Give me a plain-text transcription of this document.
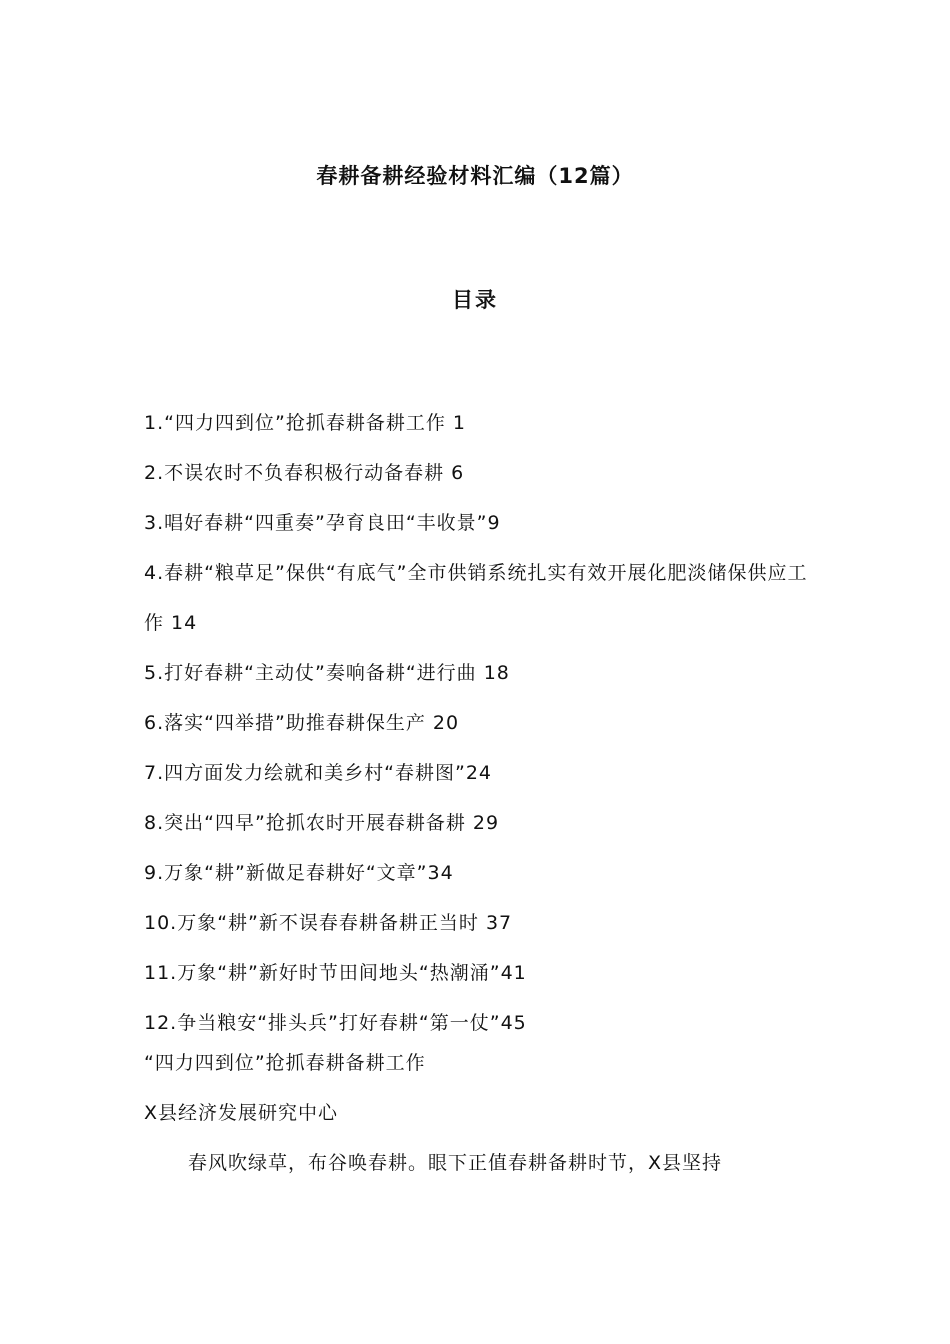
春耕备耕经验材料汇编（12篇）
目录
1.“四力四到位”抢抓春耕备耕工作 1
2.不误农时不负春积极行动备春耕 6
3.唱好春耕“四重奏”孕育良田“丰收景”9
4.春耕“粮草足”保供“有底气”全市供销系统扎实有效开展化肥淡储保供应工作 14
5.打好春耕“主动仗”奏响备耕“进行曲 18
6.落实“四举措”助推春耕保生产 20
7.四方面发力绘就和美乡村“春耕图”24
8.突出“四早”抢抓农时开展春耕备耕 29
9.万象“耕”新做足春耕好“文章”34
10.万象“耕”新不误春春耕备耕正当时 37
11.万象“耕”新好时节田间地头“热潮涌”41
12.争当粮安“排头兵”打好春耕“第一仗”45
“四力四到位”抢抓春耕备耕工作
X县经济发展研究中心
春风吹绿草，布谷唤春耕。眼下正值春耕备耕时节，X县坚持
